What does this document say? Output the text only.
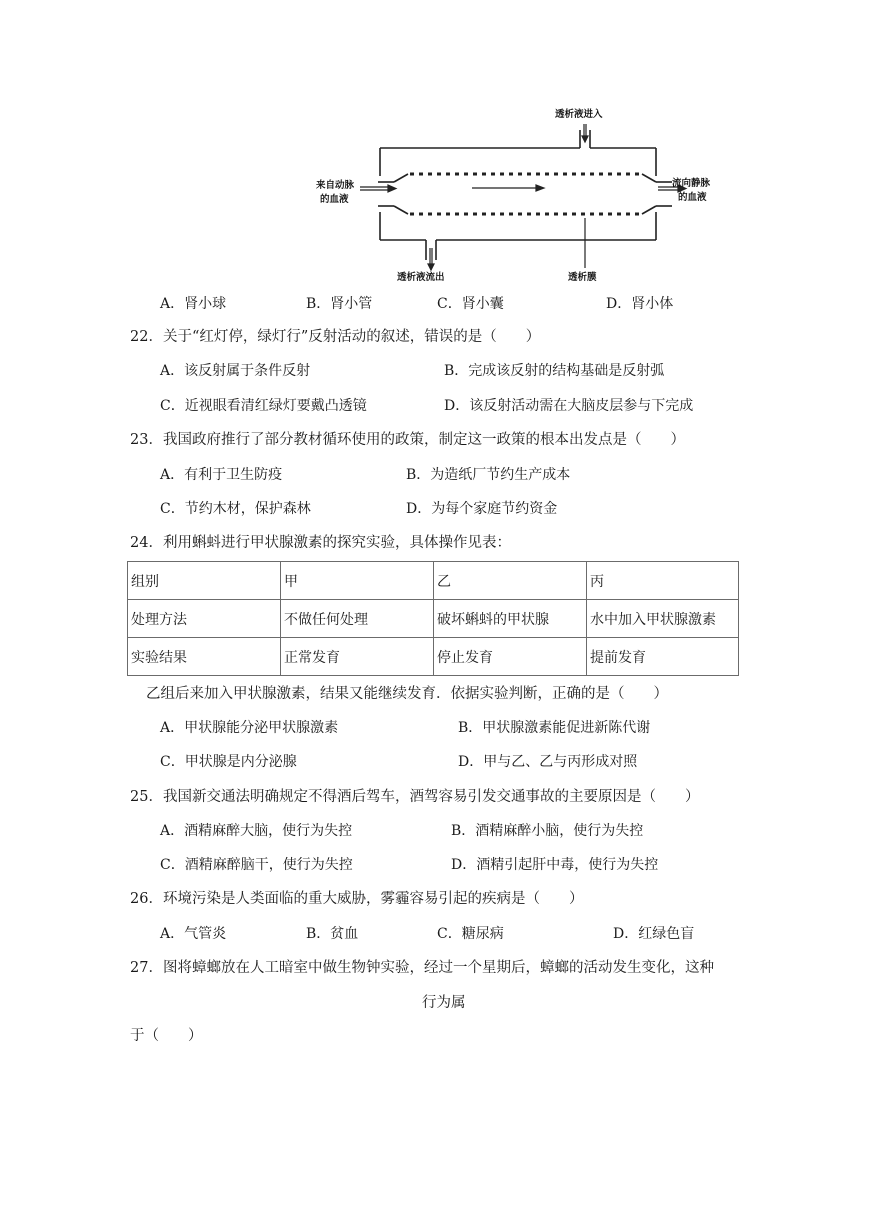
透析液进入
透析液流出
来自动脉
的血液
流向静脉
的血液
透析膜
A．肾小球	B．肾小管	C．肾小囊	D．肾小体
22．关于“红灯停，绿灯行”反射活动的叙述，错误的是（　　）
A．该反射属于条件反射	B．完成该反射的结构基础是反射弧
C．近视眼看清红绿灯要戴凸透镜	D．该反射活动需在大脑皮层参与下完成
23．我国政府推行了部分教材循环使用的政策，制定这一政策的根本出发点是（　　）
A．有利于卫生防疫	B．为造纸厂节约生产成本
C．节约木材，保护森林	D．为每个家庭节约资金
24．利用蝌蚪进行甲状腺激素的探究实验，具体操作见表：
组别	甲	乙	丙
处理方法	不做任何处理	破坏蝌蚪的甲状腺	水中加入甲状腺激素
实验结果	正常发育	停止发育	提前发育
乙组后来加入甲状腺激素，结果又能继续发育．依据实验判断，正确的是（　　）
A．甲状腺能分泌甲状腺激素	B．甲状腺激素能促进新陈代谢
C．甲状腺是内分泌腺	D．甲与乙、乙与丙形成对照
25．我国新交通法明确规定不得酒后驾车，酒驾容易引发交通事故的主要原因是（　　）
A．酒精麻醉大脑，使行为失控	B．酒精麻醉小脑，使行为失控
C．酒精麻醉脑干，使行为失控	D．酒精引起肝中毒，使行为失控
26．环境污染是人类面临的重大威胁，雾霾容易引起的疾病是（　　）
A．气管炎	B．贫血	C．糖尿病	D．红绿色盲
27．图将蟑螂放在人工暗室中做生物钟实验，经过一个星期后，蟑螂的活动发生变化，这种
行为属
于（　　）
